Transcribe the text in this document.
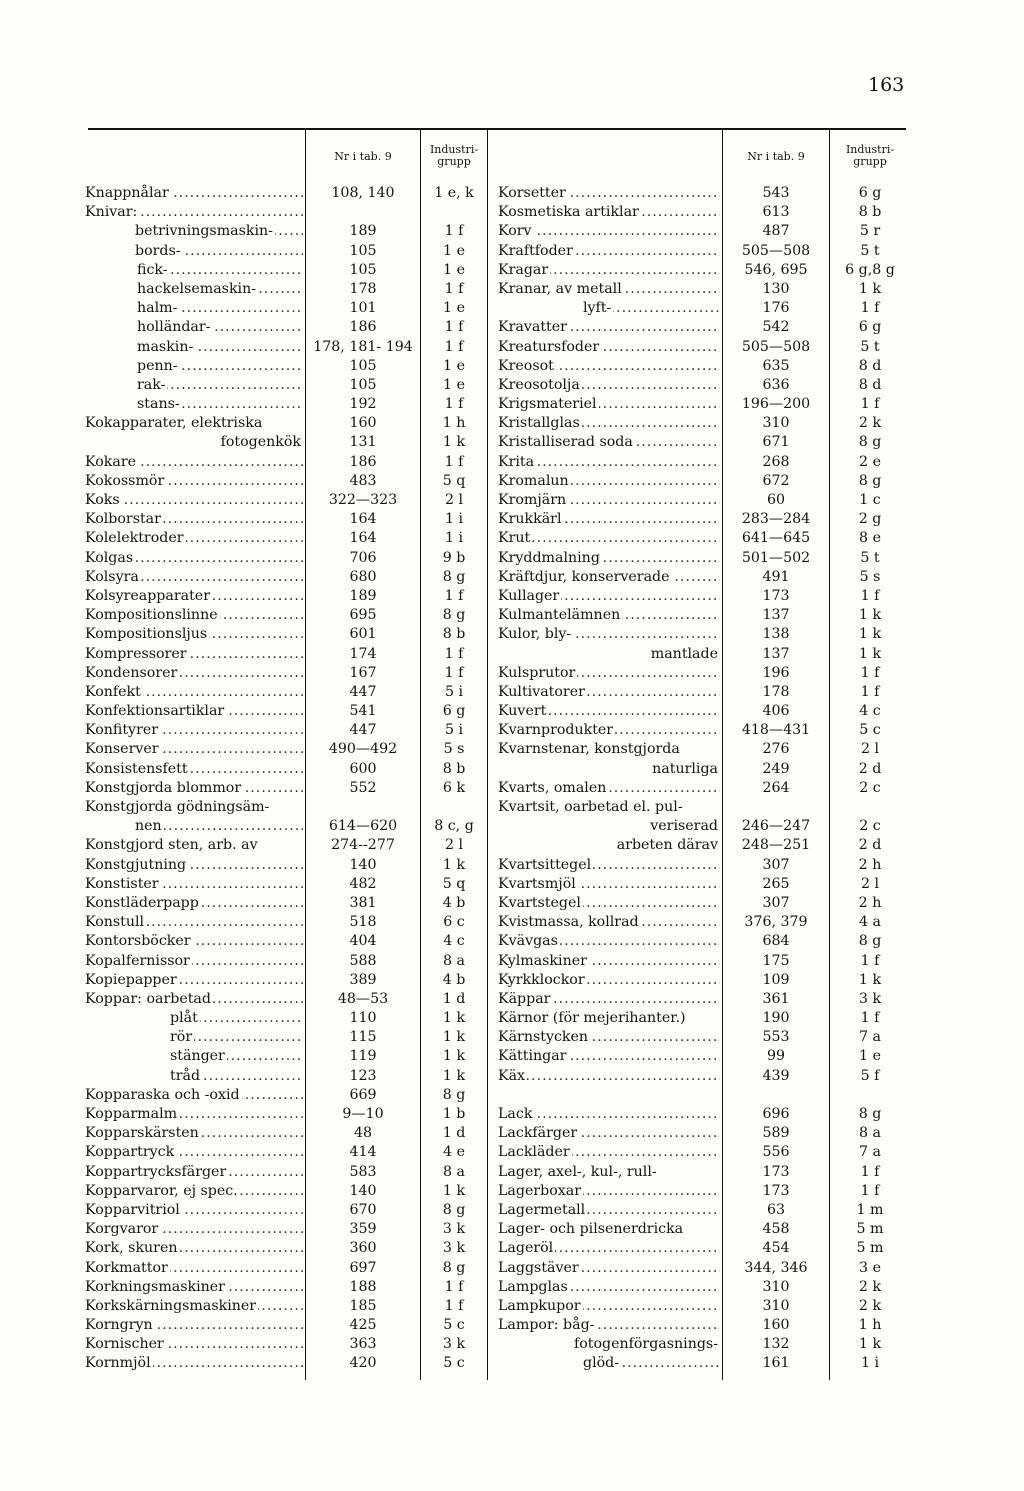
163
Nr i tab. 9
Industri-
grupp
Knappnålar .....	108, 140	1 e, k
Knivar: .....
betrivningsmaskin- .....	189	1 f
bords- .....	105	1 e
fick- .....	105	1 e
hackelsemaskin- .....	178	1 f
halm- .....	101	1 e
holländar- .....	186	1 f
maskin- .....	178, 181- 194	1 f
penn- .....	105	1 e
rak- .....	105	1 e
stans- .....	192	1 f
Kokapparater, elektriska	160	1 h
fotogenkök	131	1 k
Kokare .....	186	1 f
Kokossmör .....	483	5 q
Koks .....	322—323	2 l
Kolborstar .....	164	1 i
Kolelektroder .....	164	1 i
Kolgas .....	706	9 b
Kolsyra .....	680	8 g
Kolsyreapparater .....	189	1 f
Kompositionslinne .....	695	8 g
Kompositionsljus .....	601	8 b
Kompressorer .....	174	1 f
Kondensorer .....	167	1 f
Konfekt .....	447	5 i
Konfektionsartiklar .....	541	6 g
Konfityrer .....	447	5 i
Konserver .....	490—492	5 s
Konsistensfett .....	600	8 b
Konstgjorda blommor .....	552	6 k
Konstgjorda gödningsäm-
nen .....	614—620	8 c, g
Konstgjord sten, arb. av	274--277	2 l
Konstgjutning .....	140	1 k
Konstister .....	482	5 q
Konstläderpapp .....	381	4 b
Konstull .....	518	6 c
Kontorsböcker .....	404	4 c
Kopalfernissor .....	588	8 a
Kopiepapper .....	389	4 b
Koppar: oarbetad .....	48—53	1 d
plåt .....	110	1 k
rör .....	115	1 k
stänger .....	119	1 k
tråd .....	123	1 k
Kopparaska och -oxid .....	669	8 g
Kopparmalm .....	9—10	1 b
Kopparskärsten .....	48	1 d
Koppartryck .....	414	4 e
Koppartrycksfärger .....	583	8 a
Kopparvaror, ej spec. .....	140	1 k
Kopparvitriol .....	670	8 g
Korgvaror .....	359	3 k
Kork, skuren .....	360	3 k
Korkmattor .....	697	8 g
Korkningsmaskiner .....	188	1 f
Korkskärningsmaskiner .....	185	1 f
Korngryn .....	425	5 c
Kornischer .....	363	3 k
Kornmjöl .....	420	5 c
Nr i tab. 9
Industri-
grupp
Korsetter .....	543	6 g
Kosmetiska artiklar .....	613	8 b
Korv .....	487	5 r
Kraftfoder .....	505—508	5 t
Kragar .....	546, 695	6 g,8 g
Kranar, av metall .....	130	1 k
lyft- .....	176	1 f
Kravatter .....	542	6 g
Kreatursfoder .....	505—508	5 t
Kreosot .....	635	8 d
Kreosotolja .....	636	8 d
Krigsmateriel .....	196—200	1 f
Kristallglas .....	310	2 k
Kristalliserad soda .....	671	8 g
Krita .....	268	2 e
Kromalun .....	672	8 g
Kromjärn .....	60	1 c
Krukkärl .....	283—284	2 g
Krut .....	641—645	8 e
Kryddmalning .....	501—502	5 t
Kräftdjur, konserverade .....	491	5 s
Kullager .....	173	1 f
Kulmantelämnen .....	137	1 k
Kulor, bly- .....	138	1 k
mantlade	137	1 k
Kulsprutor .....	196	1 f
Kultivatorer .....	178	1 f
Kuvert .....	406	4 c
Kvarnprodukter .....	418—431	5 c
Kvarnstenar, konstgjorda	276	2 l
naturliga	249	2 d
Kvarts, omalen .....	264	2 c
Kvartsit, oarbetad el. pul-
veriserad	246—247	2 c
arbeten därav	248—251	2 d
Kvartsittegel .....	307	2 h
Kvartsmjöl .....	265	2 l
Kvartstegel .....	307	2 h
Kvistmassa, kollrad .....	376, 379	4 a
Kvävgas .....	684	8 g
Kylmaskiner .....	175	1 f
Kyrkklockor .....	109	1 k
Käppar .....	361	3 k
Kärnor (för mejerihanter.)	190	1 f
Kärnstycken .....	553	7 a
Kättingar .....	99	1 e
Käx .....	439	5 f
Lack .....	696	8 g
Lackfärger .....	589	8 a
Lackläder .....	556	7 a
Lager, axel-, kul-, rull-	173	1 f
Lagerboxar .....	173	1 f
Lagermetall .....	63	1 m
Lager- och pilsenerdricka	458	5 m
Lageröl .....	454	5 m
Laggstäver .....	344, 346	3 e
Lampglas .....	310	2 k
Lampkupor .....	310	2 k
Lampor: båg- .....	160	1 h
fotogenförgasnings-	132	1 k
glöd- .....	161	1 i
